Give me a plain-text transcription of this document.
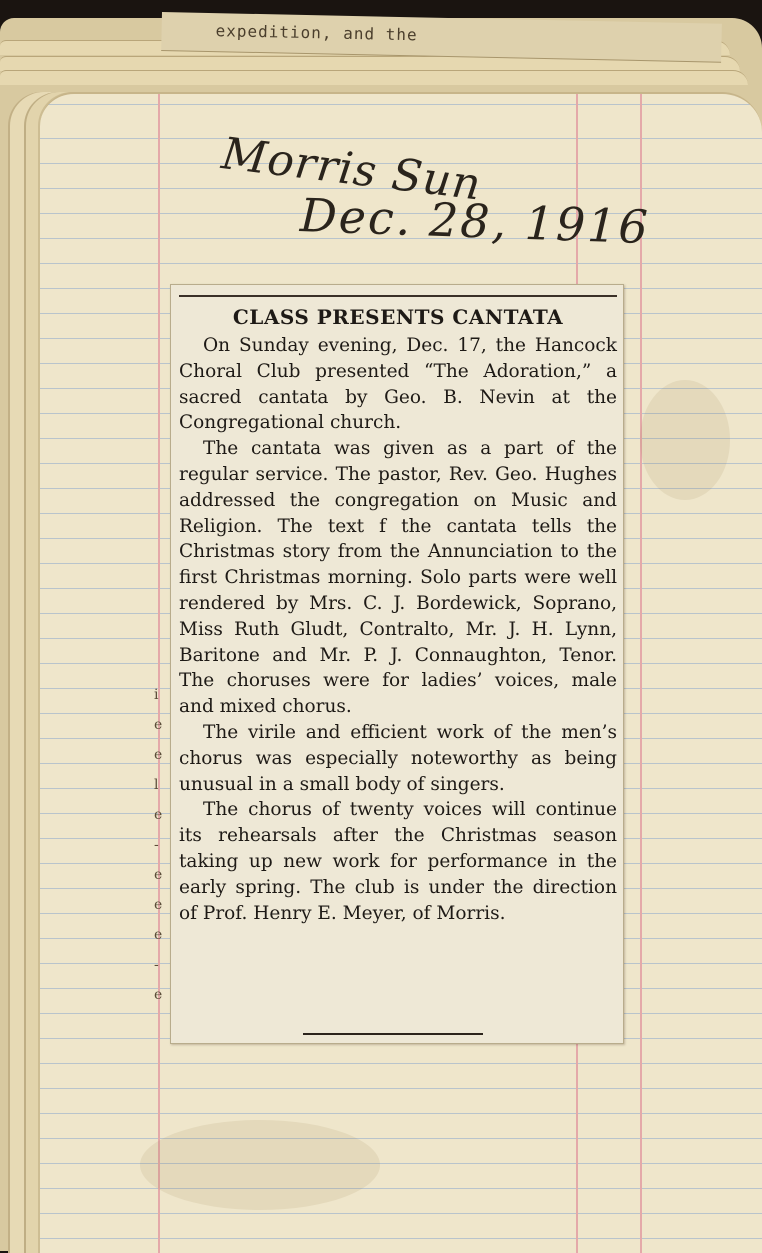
expedition, and the
i
e
e
l
e
-
e
e
e
-
e
Morris Sun
Dec. 28, 1916
CLASS PRESENTS CANTATA

On Sunday evening, Dec. 17, the Hancock Choral Club presented “The Adoration,” a sacred cantata by Geo. B. Nevin at the Congregational church.

The cantata was given as a part of the regular service. The pastor, Rev. Geo. Hughes addressed the congregation on Music and Religion. The text f the cantata tells the Christmas story from the Annunciation to the first Christmas morning. Solo parts were well rendered by Mrs. C. J. Bordewick, Soprano, Miss Ruth Gludt, Contralto, Mr. J. H. Lynn, Baritone and Mr. P. J. Connaughton, Tenor. The choruses were for ladies’ voices, male and mixed chorus.

The virile and efficient work of the men’s chorus was especially noteworthy as being unusual in a small body of singers.

The chorus of twenty voices will continue its rehearsals after the Christmas season taking up new work for performance in the early spring. The club is under the direction of Prof. Henry E. Meyer, of Morris.
